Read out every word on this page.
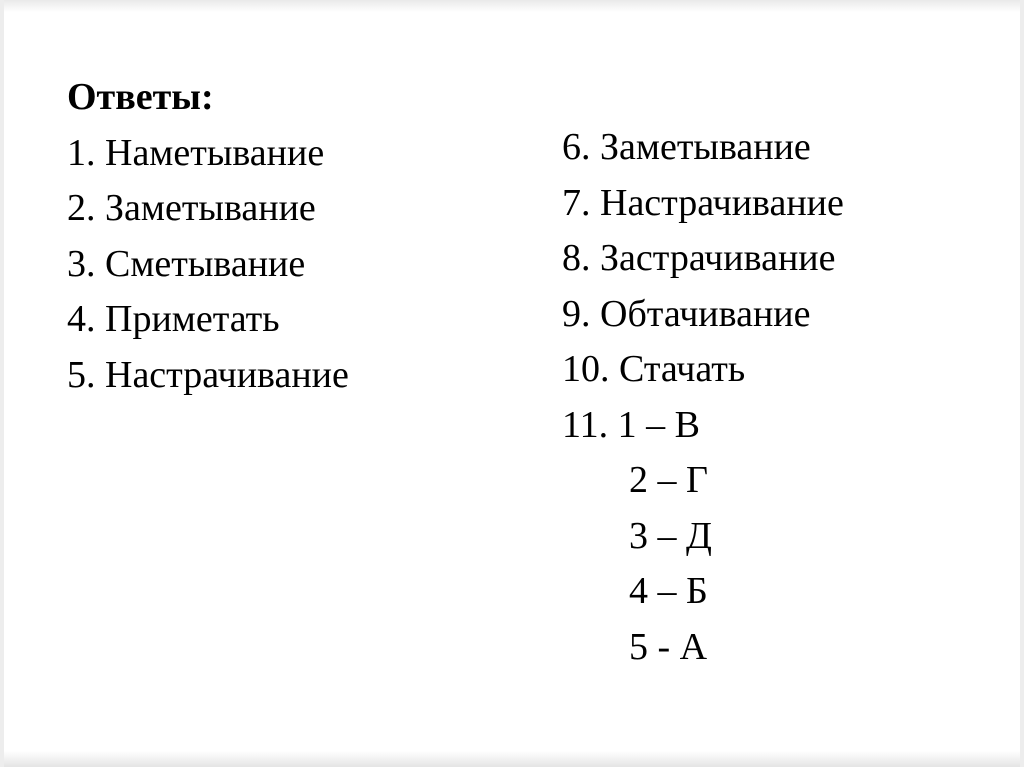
Ответы:
1. Наметывание
2. Заметывание
3. Сметывание
4. Приметать
5. Настрачивание
6. Заметывание
7. Настрачивание
8. Застрачивание
9. Обтачивание
10. Стачать
11. 1 – В
2 – Г
3 – Д
4 – Б
5 - А
